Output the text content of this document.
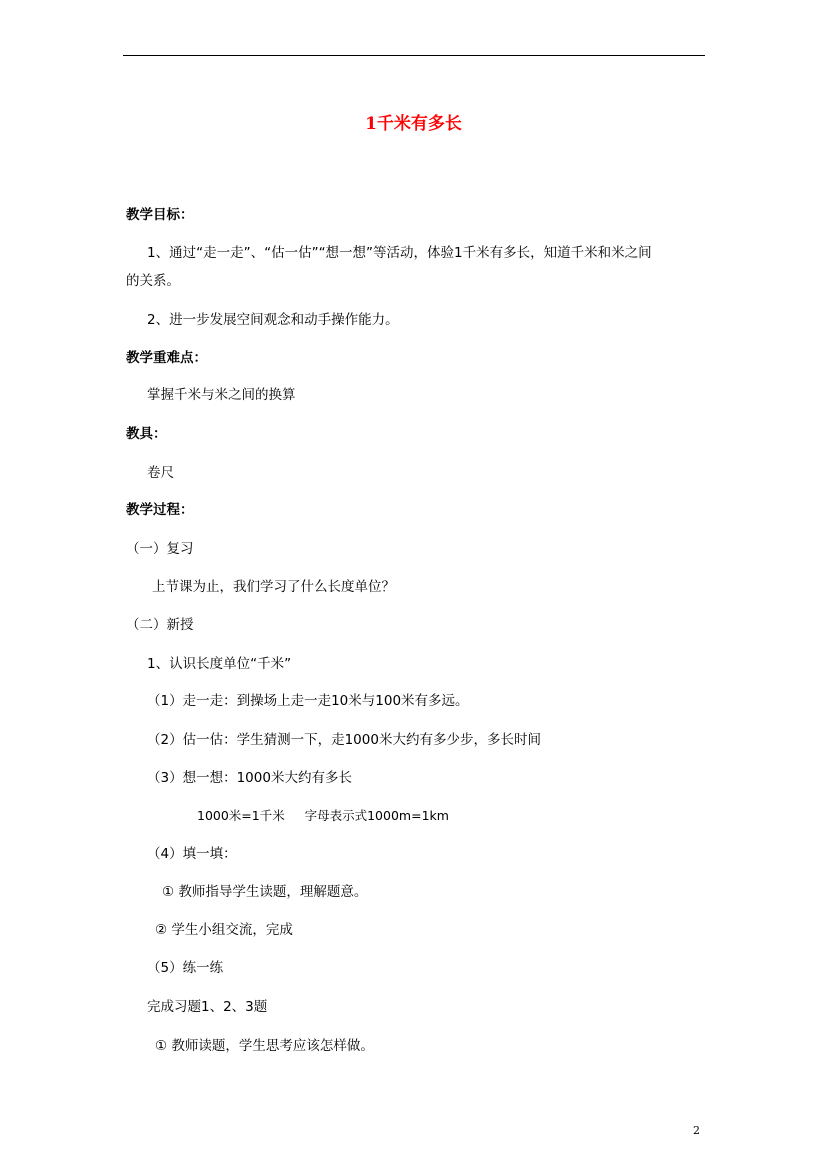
1千米有多长
教学目标：
1、通过“走一走”、“估一估”“想一想”等活动，体验1千米有多长，知道千米和米之间
的关系。
2、进一步发展空间观念和动手操作能力。
教学重难点：
掌握千米与米之间的换算
教具：
卷尺
教学过程：
（一）复习
上节课为止，我们学习了什么长度单位？
（二）新授
1、认识长度单位“千米”
（1）走一走：到操场上走一走10米与100米有多远。
（2）估一估：学生猜测一下，走1000米大约有多少步，多长时间
（3）想一想：1000米大约有多长
1000米=1千米     字母表示式1000m=1km
（4）填一填：
① 教师指导学生读题，理解题意。
② 学生小组交流，完成
（5）练一练
完成习题1、2、3题
① 教师读题，学生思考应该怎样做。
2
